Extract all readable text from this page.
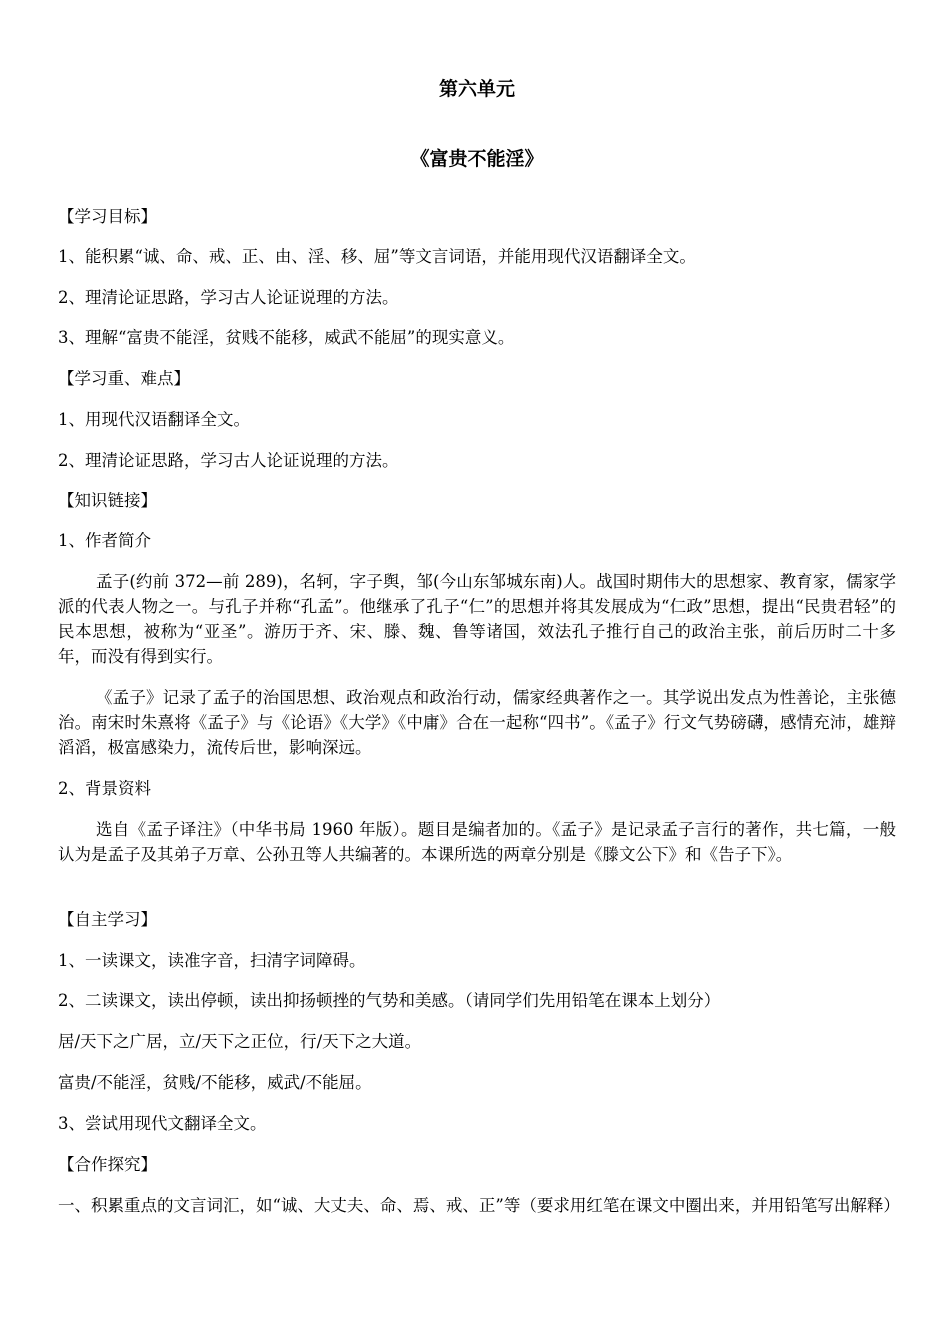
第六单元
《富贵不能淫》
【学习目标】
1、能积累“诚、命、戒、正、由、淫、移、屈”等文言词语，并能用现代汉语翻译全文。
2、理清论证思路，学习古人论证说理的方法。
3、理解“富贵不能淫，贫贱不能移，威武不能屈”的现实意义。
【学习重、难点】
1、用现代汉语翻译全文。
2、理清论证思路，学习古人论证说理的方法。
【知识链接】
1、作者简介
孟子(约前 372—前 289)，名轲，字子舆，邹(今山东邹城东南)人。战国时期伟大的思想家、教育家，儒家学派的代表人物之一。与孔子并称“孔孟”。他继承了孔子“仁”的思想并将其发展成为“仁政”思想，提出“民贵君轻”的民本思想，被称为“亚圣”。游历于齐、宋、滕、魏、鲁等诸国，效法孔子推行自己的政治主张，前后历时二十多年，而没有得到实行。
《孟子》记录了孟子的治国思想、政治观点和政治行动，儒家经典著作之一。其学说出发点为性善论，主张德治。南宋时朱熹将《孟子》与《论语》《大学》《中庸》合在一起称“四书”。《孟子》行文气势磅礴，感情充沛，雄辩滔滔，极富感染力，流传后世，影响深远。
2、背景资料
选自《孟子译注》（中华书局 1960 年版）。题目是编者加的。《孟子》是记录孟子言行的著作，共七篇，一般认为是孟子及其弟子万章、公孙丑等人共编著的。本课所选的两章分别是《滕文公下》和《告子下》。
【自主学习】
1、一读课文，读准字音，扫清字词障碍。
2、二读课文，读出停顿，读出抑扬顿挫的气势和美感。（请同学们先用铅笔在课本上划分）
居/天下之广居，立/天下之正位，行/天下之大道。
富贵/不能淫，贫贱/不能移，威武/不能屈。
3、尝试用现代文翻译全文。
【合作探究】
一、积累重点的文言词汇，如“诚、大丈夫、命、焉、戒、正”等（要求用红笔在课文中圈出来，并用铅笔写出解释）
